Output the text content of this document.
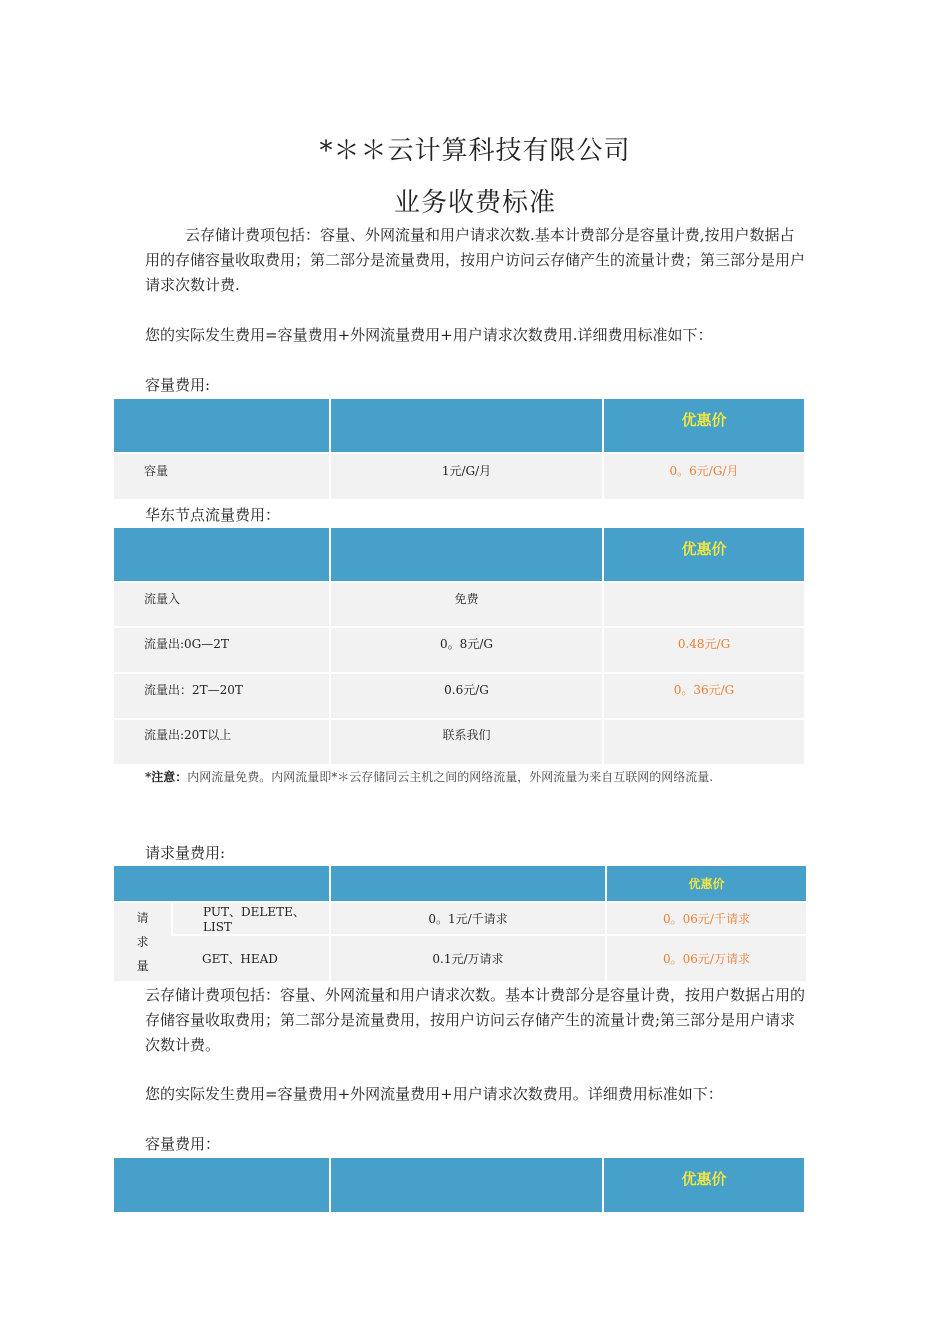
*＊＊云计算科技有限公司
业务收费标准
云存储计费项包括：容量、外网流量和用户请求次数.基本计费部分是容量计费,按用户数据占用的存储容量收取费用；第二部分是流量费用，按用户访问云存储产生的流量计费；第三部分是用户请求次数计费.
您的实际发生费用=容量费用+外网流量费用+用户请求次数费用.详细费用标准如下：
容量费用:
		优惠价
容量	1元/G/月	0。6元/G/月
华东节点流量费用：
		优惠价
流量入	免费	
流量出:0G—2T	0。8元/G	0.48元/G
流量出：2T—20T	0.6元/G	0。36元/G
流量出:20T以上	联系我们	
*注意：内网流量免费。内网流量即*＊云存储同云主机之间的网络流量，外网流量为来自互联网的网络流量.
请求量费用:
			优惠价

请
求
量	PUT、DELETE、LIST	0。1元/千请求	0。06元/千请求
	GET、HEAD	0.1元/万请求	0。06元/万请求
云存储计费项包括：容量、外网流量和用户请求次数。基本计费部分是容量计费，按用户数据占用的存储容量收取费用；第二部分是流量费用，按用户访问云存储产生的流量计费;第三部分是用户请求次数计费。
您的实际发生费用=容量费用+外网流量费用+用户请求次数费用。详细费用标准如下：
容量费用：
		优惠价
